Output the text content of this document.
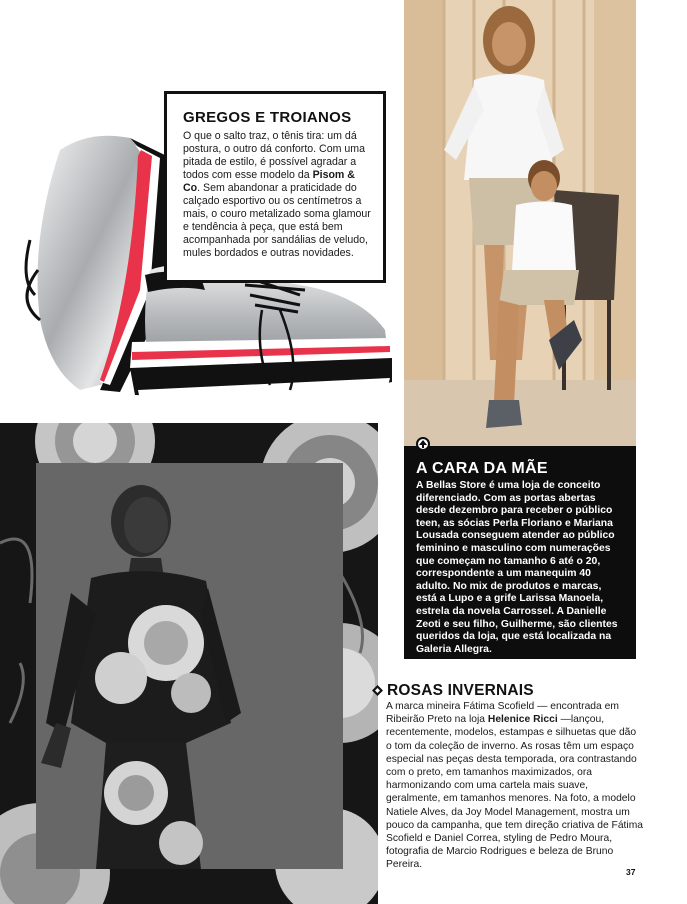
GREGOS E TROIANOS

O que o salto traz, o tênis tira: um dá postura, o outro dá conforto. Com uma pitada de estilo, é possível agradar a todos com esse modelo da Pisom & Co. Sem abandonar a praticidade do calçado esportivo ou os centímetros a mais, o couro metalizado soma glamour e tendência à peça, que está bem acompanhada por sandálias de veludo, mules bordados e outras novidades.

A CARA DA MÃE

A Bellas Store é uma loja de conceito diferenciado. Com as portas abertas desde dezembro para receber o público teen, as sócias Perla Floriano e Mariana Lousada conseguem atender ao público feminino e masculino com numerações que começam no tamanho 6 até o 20, correspondente a um manequim 40 adulto. No mix de produtos e marcas, está a Lupo e a grife Larissa Manoela, estrela da novela Carrossel. A Danielle Zeoti e seu filho, Guilherme, são clientes queridos da loja, que está localizada na Galeria Allegra.

ROSAS INVERNAIS

A marca mineira Fátima Scofield — encontrada em Ribeirão Preto na loja Helenice Ricci —lançou, recentemente, modelos, estampas e silhuetas que dão o tom da coleção de inverno. As rosas têm um espaço especial nas peças desta temporada, ora contrastando com o preto, em tamanhos maximizados, ora harmonizando com uma cartela mais suave, geralmente, em tamanhos menores. Na foto, a modelo Natiele Alves, da Joy Model Management, mostra um pouco da campanha, que tem direção criativa de Fátima Scofield e Daniel Correa, styling de Pedro Moura, fotografia de Marcio Rodrigues e beleza de Bruno Pereira.

37
